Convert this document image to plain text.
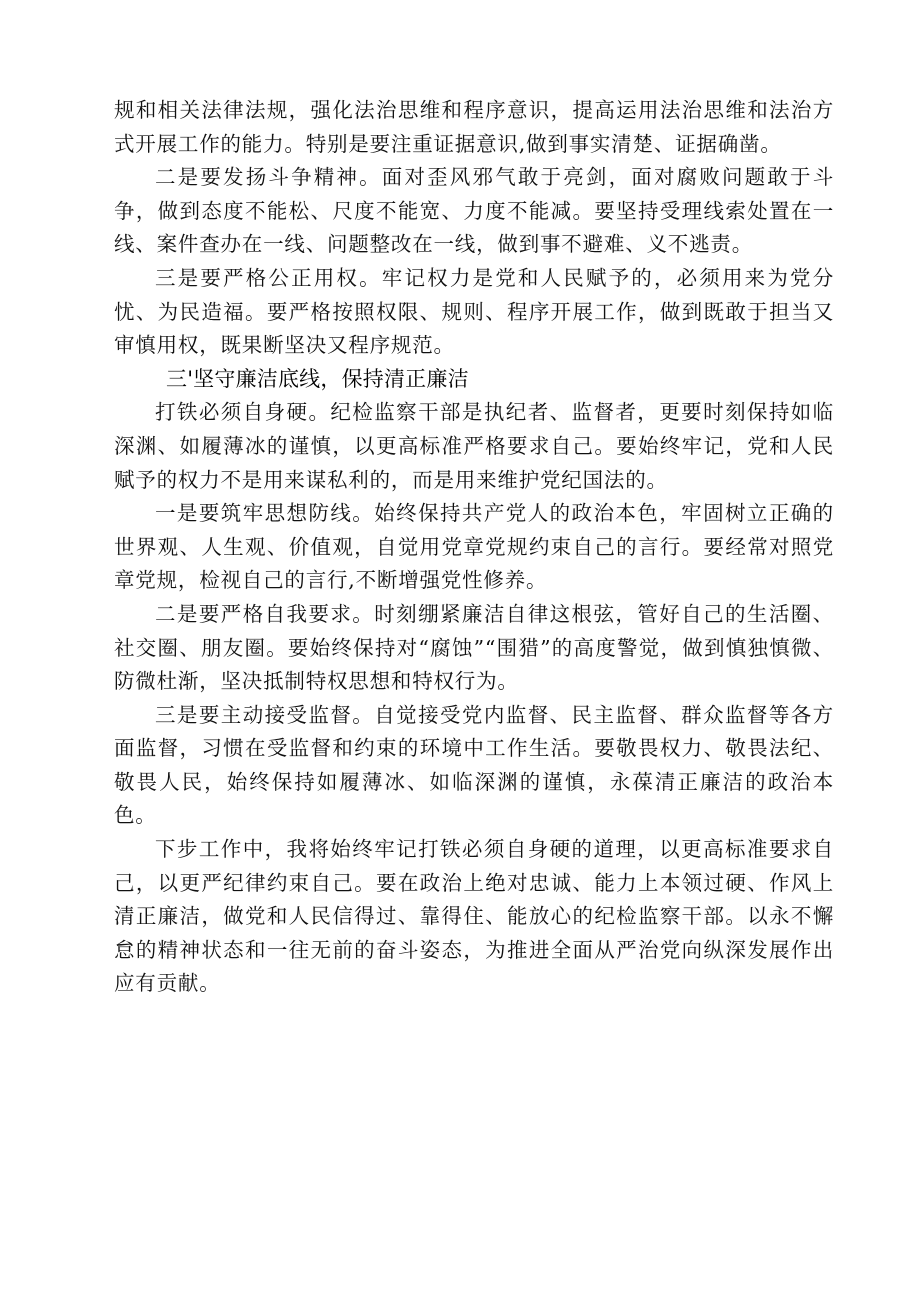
规和相关法律法规，强化法治思维和程序意识，提高运用法治思维和法治方式开展工作的能力。特别是要注重证据意识,做到事实清楚、证据确凿。

二是要发扬斗争精神。面对歪风邪气敢于亮剑，面对腐败问题敢于斗争，做到态度不能松、尺度不能宽、力度不能减。要坚持受理线索处置在一线、案件查办在一线、问题整改在一线，做到事不避难、义不逃责。

三是要严格公正用权。牢记权力是党和人民赋予的，必须用来为党分忧、为民造福。要严格按照权限、规则、程序开展工作，做到既敢于担当又审慎用权，既果断坚决又程序规范。

三'坚守廉洁底线，保持清正廉洁

打铁必须自身硬。纪检监察干部是执纪者、监督者，更要时刻保持如临深渊、如履薄冰的谨慎，以更高标准严格要求自己。要始终牢记，党和人民赋予的权力不是用来谋私利的，而是用来维护党纪国法的。

一是要筑牢思想防线。始终保持共产党人的政治本色，牢固树立正确的世界观、人生观、价值观，自觉用党章党规约束自己的言行。要经常对照党章党规，检视自己的言行,不断增强党性修养。

二是要严格自我要求。时刻绷紧廉洁自律这根弦，管好自己的生活圈、社交圈、朋友圈。要始终保持对“腐蚀”“围猎”的高度警觉，做到慎独慎微、防微杜渐，坚决抵制特权思想和特权行为。

三是要主动接受监督。自觉接受党内监督、民主监督、群众监督等各方面监督，习惯在受监督和约束的环境中工作生活。要敬畏权力、敬畏法纪、敬畏人民，始终保持如履薄冰、如临深渊的谨慎，永葆清正廉洁的政治本色。

下步工作中，我将始终牢记打铁必须自身硬的道理，以更高标准要求自己，以更严纪律约束自己。要在政治上绝对忠诚、能力上本领过硬、作风上清正廉洁，做党和人民信得过、靠得住、能放心的纪检监察干部。以永不懈怠的精神状态和一往无前的奋斗姿态，为推进全面从严治党向纵深发展作出应有贡献。
